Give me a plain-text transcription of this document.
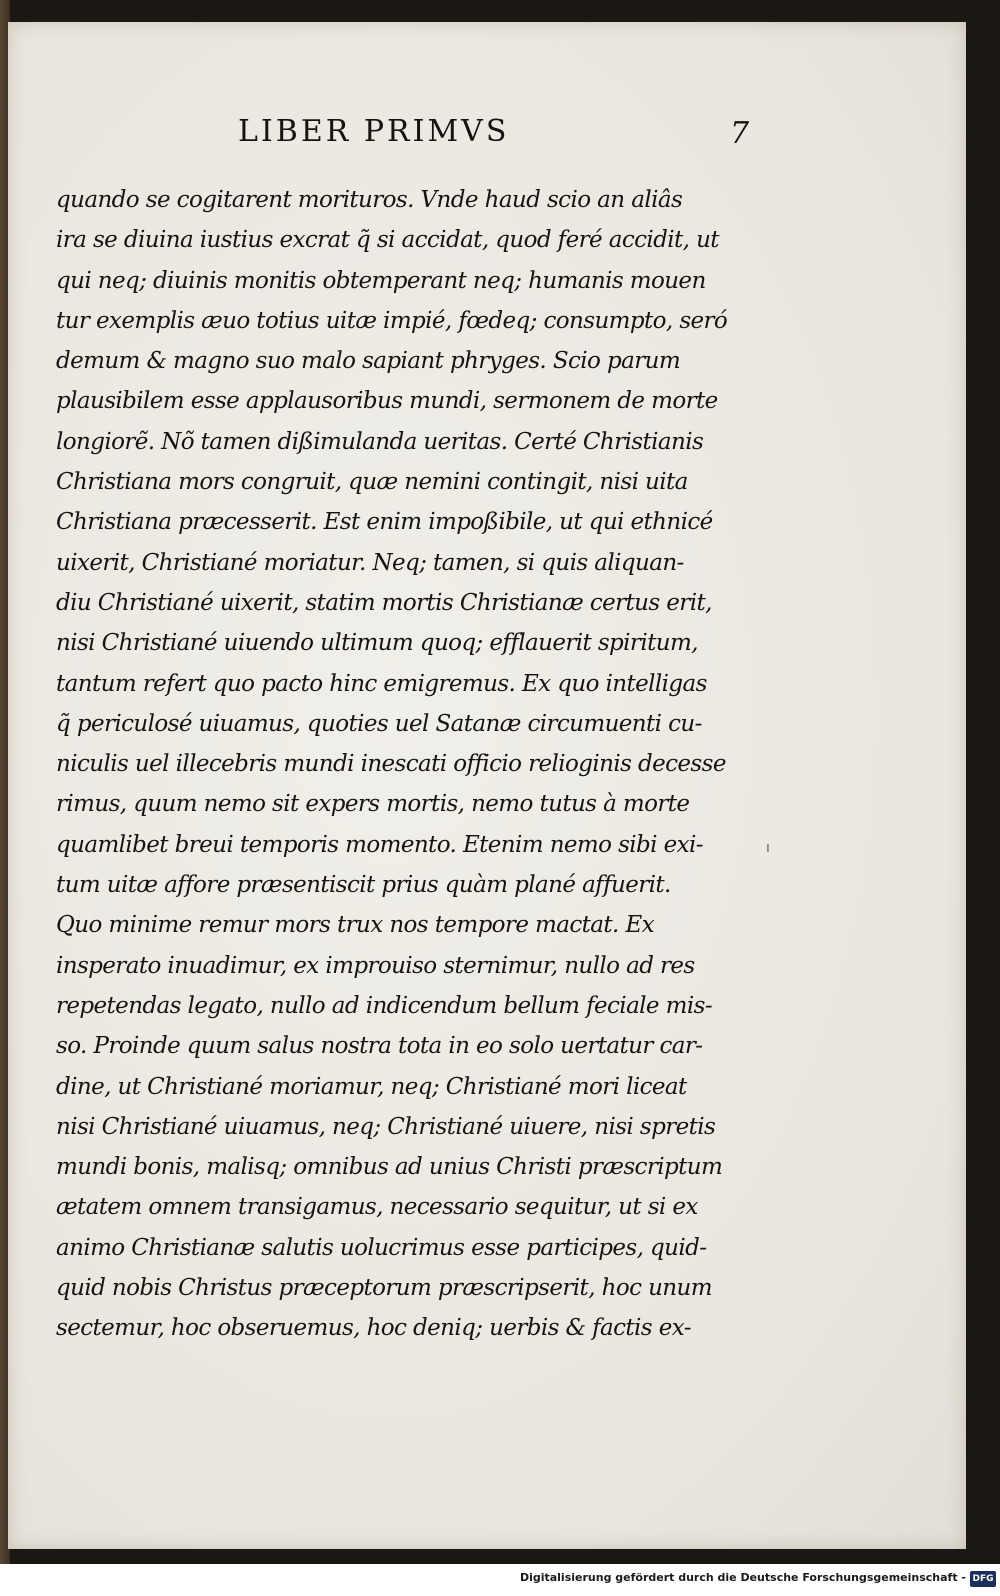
LIBER PRIMVS	7
quando se cogitarent morituros. Vnde haud scio an aliâs
ira se diuina iustius excrat q̃ si accidat, quod feré accidit, ut
qui neq; diuinis monitis obtemperant neq; humanis mouen
tur exemplis æuo totius uitæ impié, fœdeq; consumpto, seró
demum & magno suo malo sapiant phryges. Scio parum
plausibilem esse applausoribus mundi, sermonem de morte
longiorẽ. Nõ tamen dißimulanda ueritas. Certé Christianis
Christiana mors congruit, quæ nemini contingit, nisi uita
Christiana præcesserit. Est enim impoßibile, ut qui ethnicé
uixerit, Christiané moriatur. Neq; tamen, si quis aliquan-
diu Christiané uixerit, statim mortis Christianæ certus erit,
nisi Christiané uiuendo ultimum quoq; efflauerit spiritum,
tantum refert quo pacto hinc emigremus. Ex quo intelligas
q̃ periculosé uiuamus, quoties uel Satanæ circumuenti cu-
niculis uel illecebris mundi inescati officio relioginis decesse
rimus, quum nemo sit expers mortis, nemo tutus à morte
quamlibet breui temporis momento. Etenim nemo sibi exi-
tum uitæ affore præsentiscit prius quàm plané affuerit.
Quo minime remur mors trux nos tempore mactat. Ex
insperato inuadimur, ex improuiso sternimur, nullo ad res
repetendas legato, nullo ad indicendum bellum feciale mis-
so. Proinde quum salus nostra tota in eo solo uertatur car-
dine, ut Christiané moriamur, neq; Christiané mori liceat
nisi Christiané uiuamus, neq; Christiané uiuere, nisi spretis
mundi bonis, malisq; omnibus ad unius Christi præscriptum
ætatem omnem transigamus, necessario sequitur, ut si ex
animo Christianæ salutis uolucrimus esse participes, quid-
quid nobis Christus præceptorum præscripserit, hoc unum
sectemur, hoc obseruemus, hoc deniq; uerbis & factis ex-
ı
Digitalisierung gefördert durch die Deutsche Forschungsgemeinschaft - DFG
